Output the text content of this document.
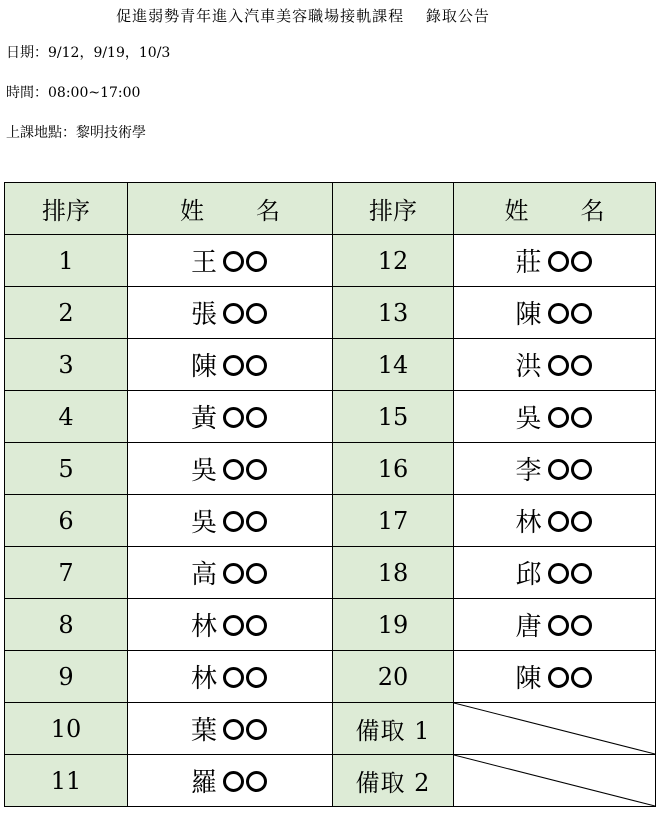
促進弱勢青年進入汽車美容職場接軌課程　 錄取公告
日期：9/12，9/19，10/3
時間：08:00~17:00
上課地點：黎明技術學
排序	姓 名	排序	姓 名
1	王	12	莊
2	張	13	陳
3	陳	14	洪
4	黃	15	吳
5	吳	16	李
6	吳	17	林
7	高	18	邱
8	林	19	唐
9	林	20	陳
10	葉	備取 1	

11	羅	備取 2	
